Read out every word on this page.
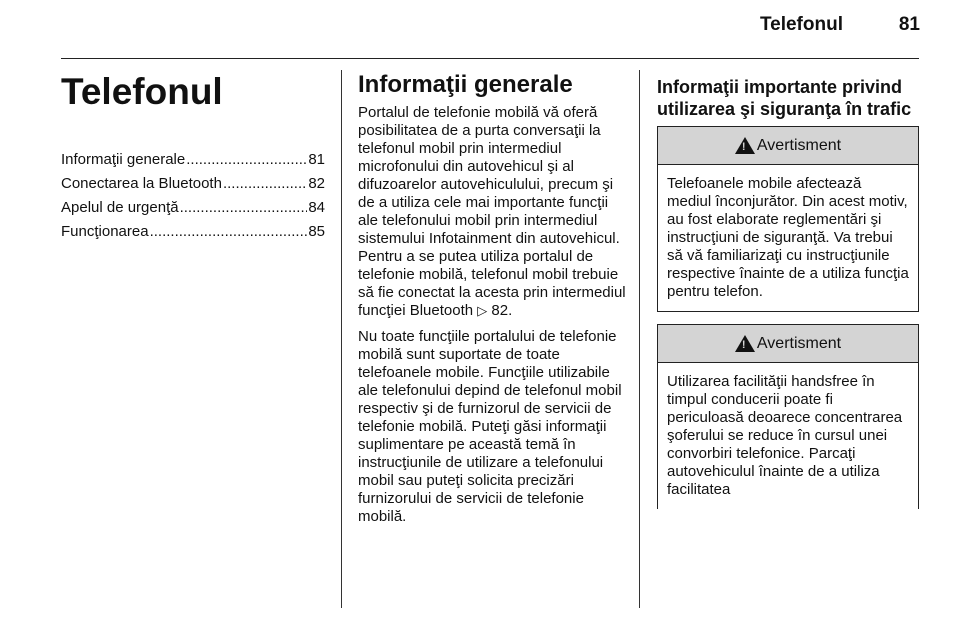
Telefonul	81
Telefonul
Informaţii generale .....	81
Conectarea la Bluetooth .....	82
Apelul de urgenţă .....	84
Funcţionarea .....	85
Informaţii generale

Portalul de telefonie mobilă vă oferă posibilitatea de a purta conversaţii la telefonul mobil prin intermediul microfonului din autovehicul şi al difuzoarelor autovehiculului, precum şi de a utiliza cele mai importante funcţii ale telefonului mobil prin intermediul sistemului Infotainment din autovehicul. Pentru a se putea utiliza portalul de telefonie mobilă, telefonul mobil trebuie să fie conectat la acesta prin intermediul funcţiei Bluetooth ▷ 82.

Nu toate funcţiile portalului de telefonie mobilă sunt suportate de toate telefoanele mobile. Funcţiile utilizabile ale telefonului depind de telefonul mobil respectiv şi de furnizorul de servicii de telefonie mobilă. Puteţi găsi informaţii suplimentare pe această temă în instrucţiunile de utilizare a telefonului mobil sau puteţi solicita precizări furnizorului de servicii de telefonie mobilă.

Informaţii importante privind utilizarea şi siguranţa în trafic
!
Avertisment
Telefoanele mobile afectează mediul înconjurător. Din acest motiv, au fost elaborate reglementări şi instrucţiuni de siguranţă. Va trebui să vă familiarizaţi cu instrucţiunile respective înainte de a utiliza funcţia pentru telefon.
!
Avertisment
Utilizarea facilităţii handsfree în timpul conducerii poate fi periculoasă deoarece concentrarea şoferului se reduce în cursul unei convorbiri telefonice. Parcaţi autovehiculul înainte de a utiliza facilitatea
